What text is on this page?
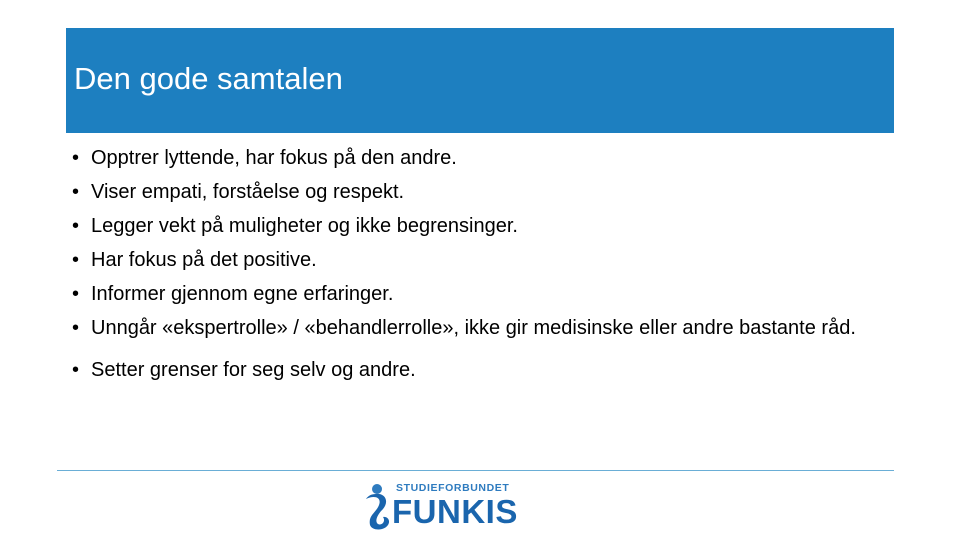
Den gode samtalen
• Opptrer lyttende, har fokus på den andre.
• Viser empati, forståelse og respekt.
• Legger vekt på muligheter og ikke begrensinger.
• Har fokus på det positive.
• Informer gjennom egne erfaringer.
• Unngår «ekspertrolle» / «behandlerrolle», ikke gir medisinske eller andre bastante råd.
• Setter grenser for seg selv og andre.
STUDIEFORBUNDET
FUNKIS
